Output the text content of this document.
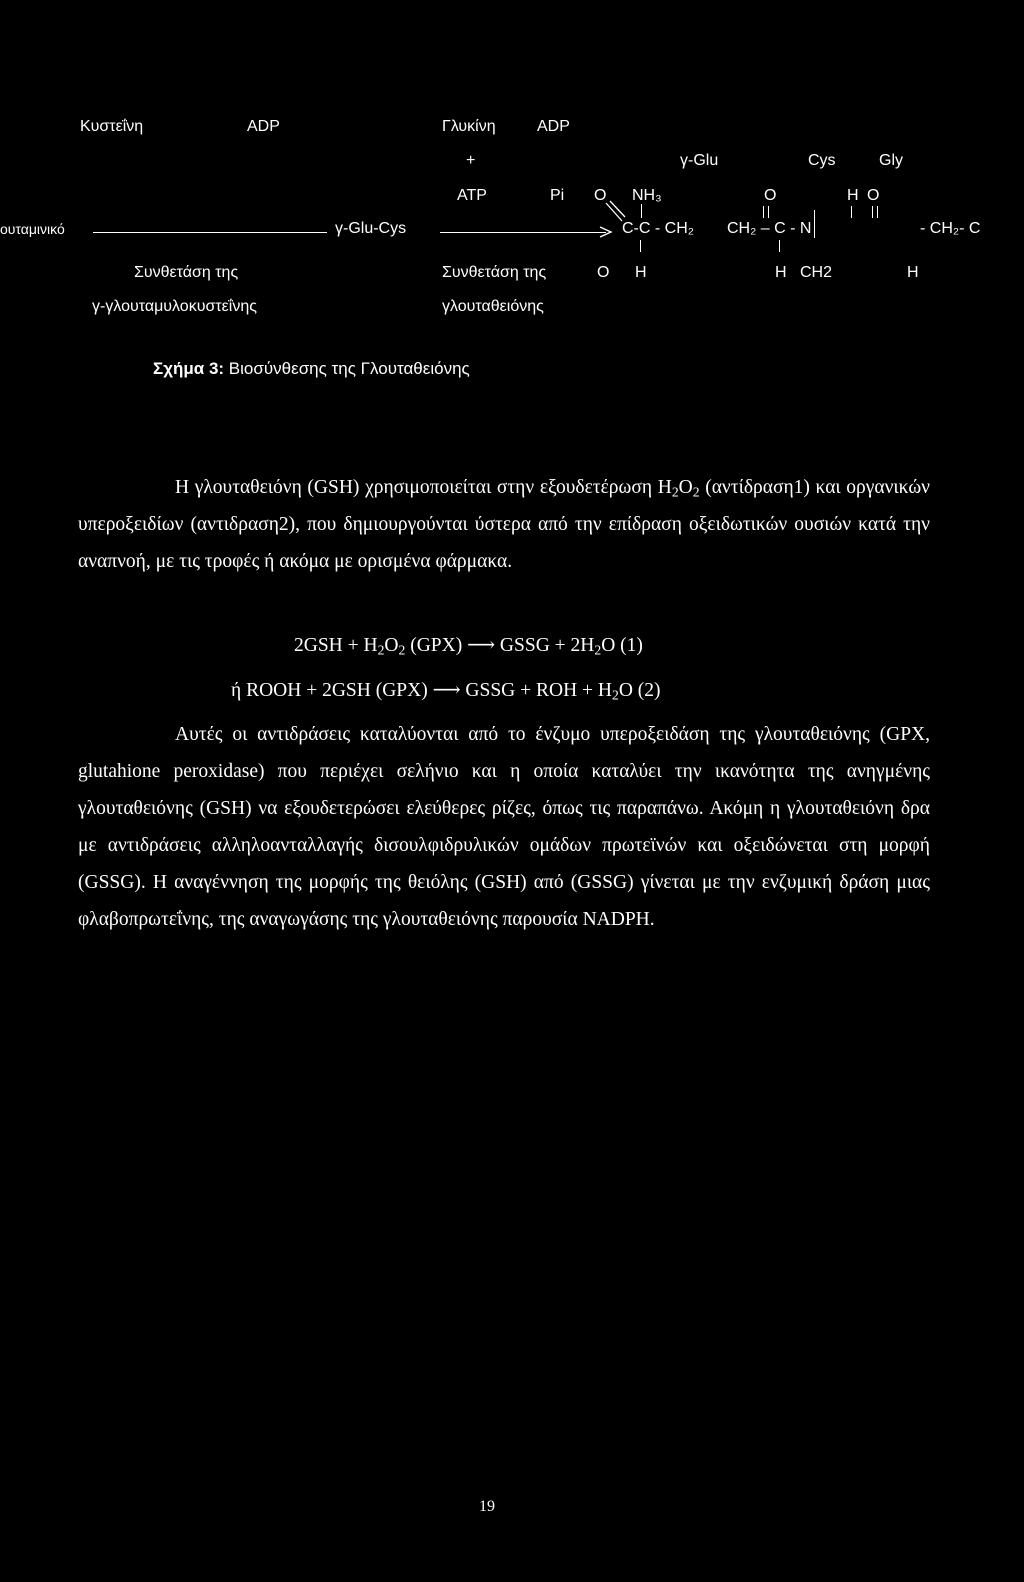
Κυστεΐνη	ADP	Γλυκίνη	ADP
+	γ-Glu	Cys	Gly
ATP	Pi O NH₃	O	H O
ουταμινικό	γ-Glu-Cys	C-C - CH₂ CH₂ – C - N	- CH₂- C
Συνθετάση της	Συνθετάση της	O H	H CH2	H
γ-γλουταμυλοκυστεΐνης	γλουταθειόνης
Σχήμα 3: Βιοσύνθεσης της Γλουταθειόνης
Η γλουταθειόνη (GSH) χρησιμοποιείται στην εξουδετέρωση $H_2O_2$ (αντίδραση1) και οργανικών υπεροξειδίων (αντιδραση2), που δημιουργούνται ύστερα από την επίδραση οξειδωτικών ουσιών κατά την αναπνοή, με τις τροφές ή ακόμα με ορισμένα φάρμακα.
$2GSH + H_2O_2$ (GPX) ⟶ GSSG + $2H_2O$ (1)
ή ROOH + 2GSH (GPX) ⟶ GSSG + ROH + $H_2O$ (2)
Αυτές οι αντιδράσεις καταλύονται από το ένζυμο υπεροξειδάση της γλουταθειόνης (GPX, glutahione peroxidase) που περιέχει σελήνιο και η οποία καταλύει την ικανότητα της ανηγμένης γλουταθειόνης (GSH) να εξουδετερώσει ελεύθερες ρίζες, όπως τις παραπάνω. Ακόμη η γλουταθειόνη δρα με αντιδράσεις αλληλοανταλλαγής δισουλφιδρυλικών ομάδων πρωτεϊνών και οξειδώνεται στη μορφή (GSSG). Η αναγέννηση της μορφής της θειόλης (GSH) από (GSSG) γίνεται με την ενζυμική δράση μιας φλαβοπρωτεΐνης, της αναγωγάσης της γλουταθειόνης παρουσία NADPH.
19
